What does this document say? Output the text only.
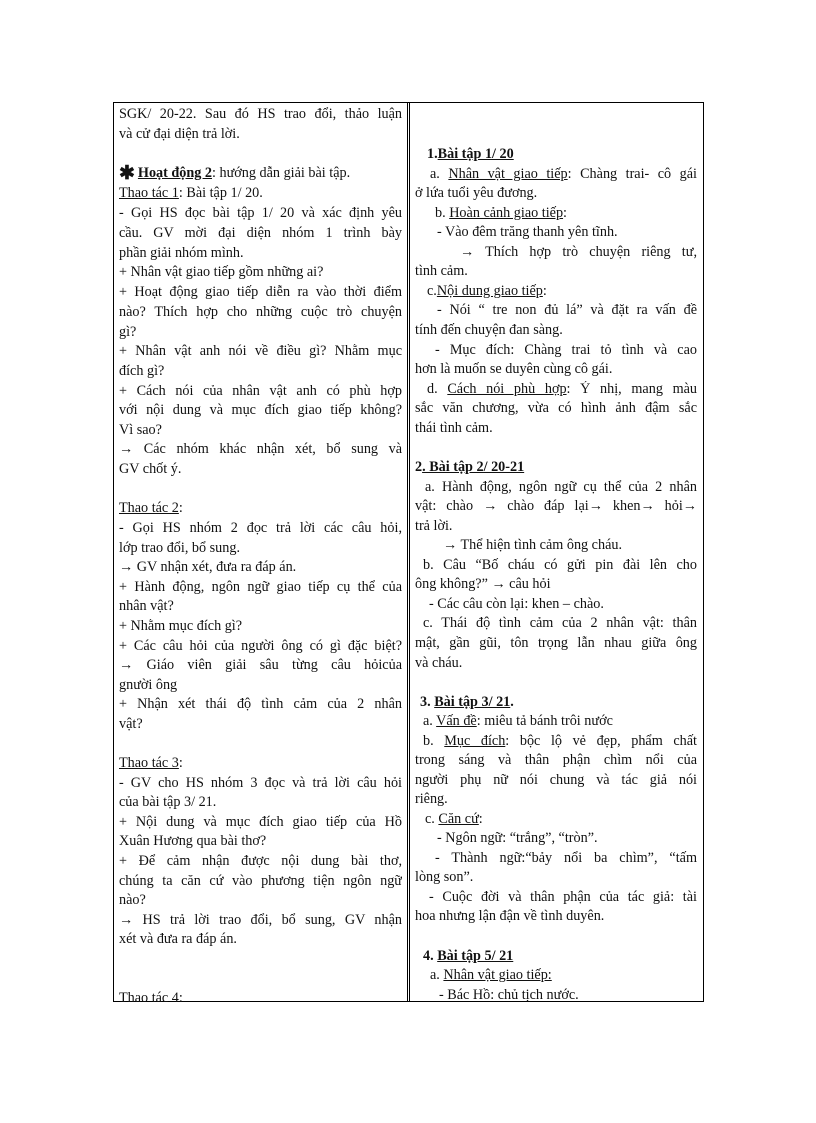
SGK/ 20-22. Sau đó HS trao đổi, thảo luận
và cử đại diện trả lời.
✱ Hoạt động 2: hướng dẫn giải bài tập.
Thao tác 1: Bài tập 1/ 20.
- Gọi HS đọc bài tập 1/ 20 và xác định yêu
cầu. GV mời đại diện nhóm 1 trình bày
phần giải nhóm mình.
+ Nhân vật giao tiếp gồm những ai?
+ Hoạt động giao tiếp diễn ra vào thời điểm
nào? Thích hợp cho những cuộc trò chuyện
gì?
+ Nhân vật anh nói về điều gì? Nhằm mục
đích gì?
+ Cách nói của nhân vật anh có phù hợp
với nội dung và mục đích giao tiếp không?
Vì sao?
→ Các nhóm khác nhận xét, bổ sung và
GV chốt ý.
Thao tác 2:
- Gọi HS nhóm 2 đọc trả lời các câu hỏi,
lớp trao đổi, bổ sung.
→ GV nhận xét, đưa ra đáp án.
+ Hành động, ngôn ngữ giao tiếp cụ thể của
nhân vật?
+ Nhằm mục đích gì?
+ Các câu hỏi của người ông có gì đặc biệt?
→ Giáo viên giải sâu từng câu hỏicủa
gnười ông
+ Nhận xét thái độ tình cảm của 2 nhân
vật?
Thao tác 3:
- GV cho HS nhóm 3 đọc và trả lời câu hỏi
của bài tập 3/ 21.
+ Nội dung và mục đích giao tiếp của Hồ
Xuân Hương qua bài thơ?
+ Để cảm nhận được nội dung bài thơ,
chúng ta căn cứ vào phương tiện ngôn ngữ
nào?
→ HS trả lời trao đổi, bổ sung, GV nhận
xét và đưa ra đáp án.
Thao tác 4:
1.Bài tập 1/ 20
a. Nhân vật giao tiếp: Chàng trai- cô gái
ở lứa tuổi yêu đương.
b. Hoàn cảnh giao tiếp:
- Vào đêm trăng thanh yên tĩnh.
→ Thích hợp trò chuyện riêng tư,
tình cảm.
c.Nội dung giao tiếp:
- Nói “ tre non đủ lá” và đặt ra vấn đề
tính đến chuyện đan sàng.
- Mục đích: Chàng trai tỏ tình và cao
hơn là muốn se duyên cùng cô gái.
d. Cách nói phù hợp: Ý nhị, mang màu
sắc văn chương, vừa có hình ảnh đậm sắc
thái tình cảm.
2. Bài tập 2/ 20-21
a. Hành động, ngôn ngữ cụ thể của 2 nhân
vật: chào → chào đáp lại→ khen→ hỏi→
trả lời.
→ Thể hiện tình cảm ông cháu.
b. Câu “Bố cháu có gửi pin đài lên cho
ông không?” → câu hỏi
- Các câu còn lại: khen – chào.
c. Thái độ tình cảm của 2 nhân vật: thân
mật, gần gũi, tôn trọng lẫn nhau giữa ông
và cháu.
3. Bài tập 3/ 21.
a. Vấn đề: miêu tả bánh trôi nước
b. Mục đích: bộc lộ vẻ đẹp, phẩm chất
trong sáng và thân phận chìm nổi của
người phụ nữ nói chung và tác giả nói
riêng.
c. Căn cứ:
- Ngôn ngữ: “trắng”, “tròn”.
- Thành ngữ:“bảy nổi ba chìm”, “tấm
lòng son”.
- Cuộc đời và thân phận của tác giả: tài
hoa nhưng lận đận về tình duyên.
4. Bài tập 5/ 21
a. Nhân vật giao tiếp:
- Bác Hồ: chủ tịch nước.
